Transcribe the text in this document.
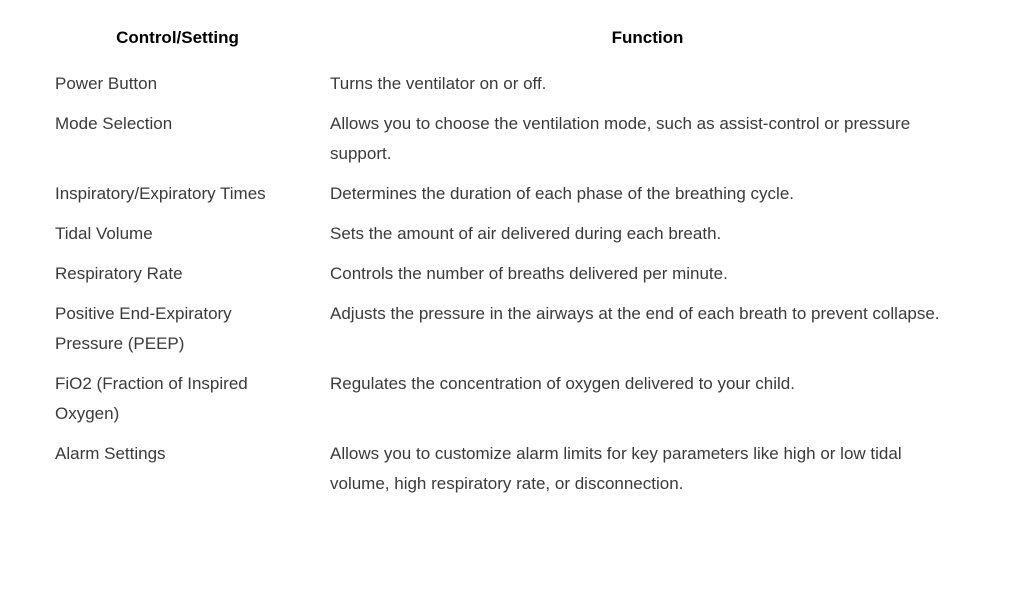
Control/Setting	Function
Power Button	Turns the ventilator on or off.
Mode Selection	Allows you to choose the ventilation mode, such as assist-control or pressure support.
Inspiratory/Expiratory Times	Determines the duration of each phase of the breathing cycle.
Tidal Volume	Sets the amount of air delivered during each breath.
Respiratory Rate	Controls the number of breaths delivered per minute.
Positive End-Expiratory Pressure (PEEP)	Adjusts the pressure in the airways at the end of each breath to prevent collapse.
FiO2 (Fraction of Inspired Oxygen)	Regulates the concentration of oxygen delivered to your child.
Alarm Settings	Allows you to customize alarm limits for key parameters like high or low tidal volume, high respiratory rate, or disconnection.
